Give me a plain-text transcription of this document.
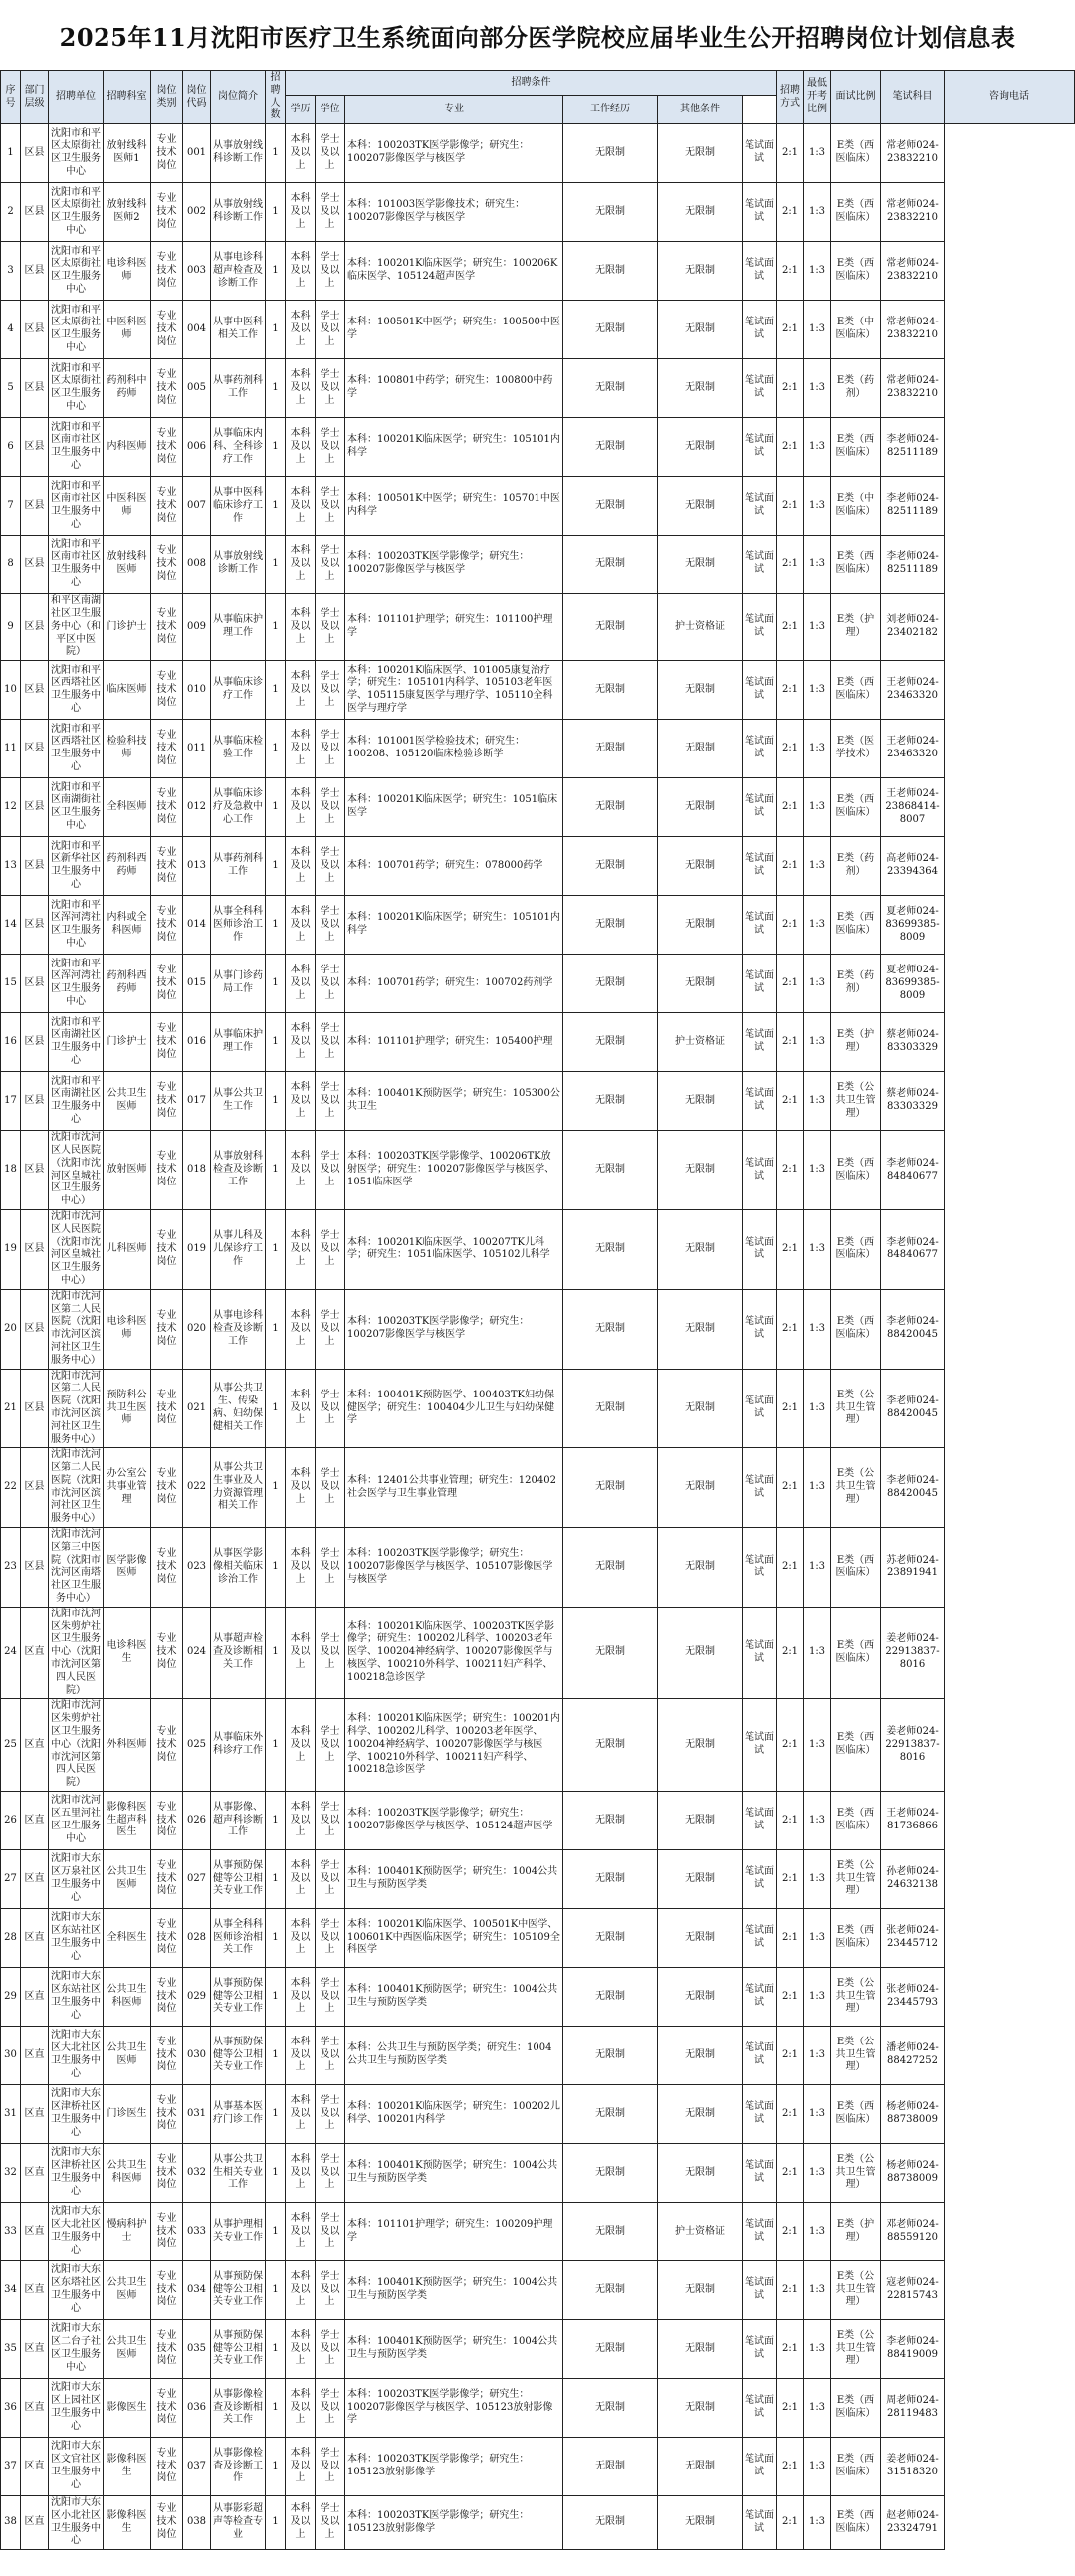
2025年11月沈阳市医疗卫生系统面向部分医学院校应届毕业生公开招聘岗位计划信息表
序号	部门层级	招聘单位	招聘科室	岗位类别	岗位代码	岗位简介	招聘人数	招聘条件						招聘方式	最低开考比例	面试比例	笔试科目	咨询电话
								学历	学位	专业	工作经历	其他条件					
1	区县	沈阳市和平区太原街社区卫生服务中心	放射线科医师1	专业技术岗位	001	从事放射线科诊断工作	1	本科及以上	学士及以上	本科：100203TK医学影像学；研究生：100207影像医学与核医学	无限制	无限制	笔试面试	2:1	1:3	E类（西医临床）	常老师024-23832210	
2	区县	沈阳市和平区太原街社区卫生服务中心	放射线科医师2	专业技术岗位	002	从事放射线科诊断工作	1	本科及以上	学士及以上	本科：101003医学影像技术；研究生：100207影像医学与核医学	无限制	无限制	笔试面试	2:1	1:3	E类（西医临床）	常老师024-23832210	
3	区县	沈阳市和平区太原街社区卫生服务中心	电诊科医师	专业技术岗位	003	从事电诊科超声检查及诊断工作	1	本科及以上	学士及以上	本科：100201K临床医学；研究生：100206K临床医学、105124超声医学	无限制	无限制	笔试面试	2:1	1:3	E类（西医临床）	常老师024-23832210	
4	区县	沈阳市和平区太原街社区卫生服务中心	中医科医师	专业技术岗位	004	从事中医科相关工作	1	本科及以上	学士及以上	本科：100501K中医学；研究生：100500中医学	无限制	无限制	笔试面试	2:1	1:3	E类（中医临床）	常老师024-23832210	
5	区县	沈阳市和平区太原街社区卫生服务中心	药剂科中药师	专业技术岗位	005	从事药剂科工作	1	本科及以上	学士及以上	本科：100801中药学；研究生：100800中药学	无限制	无限制	笔试面试	2:1	1:3	E类（药剂）	常老师024-23832210	
6	区县	沈阳市和平区南市社区卫生服务中心	内科医师	专业技术岗位	006	从事临床内科、全科诊疗工作	1	本科及以上	学士及以上	本科：100201K临床医学；研究生：105101内科学	无限制	无限制	笔试面试	2:1	1:3	E类（西医临床）	李老师024-82511189	
7	区县	沈阳市和平区南市社区卫生服务中心	中医科医师	专业技术岗位	007	从事中医科临床诊疗工作	1	本科及以上	学士及以上	本科：100501K中医学；研究生：105701中医内科学	无限制	无限制	笔试面试	2:1	1:3	E类（中医临床）	李老师024-82511189	
8	区县	沈阳市和平区南市社区卫生服务中心	放射线科医师	专业技术岗位	008	从事放射线诊断工作	1	本科及以上	学士及以上	本科：100203TK医学影像学；研究生：100207影像医学与核医学	无限制	无限制	笔试面试	2:1	1:3	E类（西医临床）	李老师024-82511189	
9	区县	和平区南湖社区卫生服务中心（和平区中医院）	门诊护士	专业技术岗位	009	从事临床护理工作	1	本科及以上	学士及以上	本科：101101护理学；研究生：101100护理学	无限制	护士资格证	笔试面试	2:1	1:3	E类（护理）	刘老师024-23402182	
10	区县	沈阳市和平区西塔社区卫生服务中心	临床医师	专业技术岗位	010	从事临床诊疗工作	1	本科及以上	学士及以上	本科：100201K临床医学、101005康复治疗学；研究生：105101内科学、105103老年医学、105115康复医学与理疗学、105110全科医学与理疗学	无限制	无限制	笔试面试	2:1	1:3	E类（西医临床）	王老师024-23463320	
11	区县	沈阳市和平区西塔社区卫生服务中心	检验科技师	专业技术岗位	011	从事临床检验工作	1	本科及以上	学士及以上	本科：101001医学检验技术；研究生：100208、105120临床检验诊断学	无限制	无限制	笔试面试	2:1	1:3	E类（医学技术）	王老师024-23463320	
12	区县	沈阳市和平区南湖街社区卫生服务中心	全科医师	专业技术岗位	012	从事临床诊疗及急救中心工作	1	本科及以上	学士及以上	本科：100201K临床医学；研究生：1051临床医学	无限制	无限制	笔试面试	2:1	1:3	E类（西医临床）	王老师024-23868414-8007	
13	区县	沈阳市和平区新华社区卫生服务中心	药剂科西药师	专业技术岗位	013	从事药剂科工作	1	本科及以上	学士及以上	本科：100701药学；研究生：078000药学	无限制	无限制	笔试面试	2:1	1:3	E类（药剂）	高老师024-23394364	
14	区县	沈阳市和平区浑河湾社区卫生服务中心	内科或全科医师	专业技术岗位	014	从事全科科医师诊治工作	1	本科及以上	学士及以上	本科：100201K临床医学；研究生：105101内科学	无限制	无限制	笔试面试	2:1	1:3	E类（西医临床）	夏老师024-83699385-8009	
15	区县	沈阳市和平区浑河湾社区卫生服务中心	药剂科西药师	专业技术岗位	015	从事门诊药局工作	1	本科及以上	学士及以上	本科：100701药学；研究生：100702药剂学	无限制	无限制	笔试面试	2:1	1:3	E类（药剂）	夏老师024-83699385-8009	
16	区县	沈阳市和平区南湖社区卫生服务中心	门诊护士	专业技术岗位	016	从事临床护理工作	1	本科及以上	学士及以上	本科：101101护理学；研究生：105400护理	无限制	护士资格证	笔试面试	2:1	1:3	E类（护理）	蔡老师024-83303329	
17	区县	沈阳市和平区南湖社区卫生服务中心	公共卫生医师	专业技术岗位	017	从事公共卫生工作	1	本科及以上	学士及以上	本科：100401K预防医学；研究生：105300公共卫生	无限制	无限制	笔试面试	2:1	1:3	E类（公共卫生管理）	蔡老师024-83303329	
18	区县	沈阳市沈河区人民医院（沈阳市沈河区皇城社区卫生服务中心）	放射医师	专业技术岗位	018	从事放射科检查及诊断工作	1	本科及以上	学士及以上	本科：100203TK医学影像学、100206TK放射医学；研究生：100207影像医学与核医学、1051临床医学	无限制	无限制	笔试面试	2:1	1:3	E类（西医临床）	李老师024-84840677	
19	区县	沈阳市沈河区人民医院（沈阳市沈河区皇城社区卫生服务中心）	儿科医师	专业技术岗位	019	从事儿科及儿保诊疗工作	1	本科及以上	学士及以上	本科：100201K临床医学、100207TK儿科学；研究生：1051临床医学、105102儿科学	无限制	无限制	笔试面试	2:1	1:3	E类（西医临床）	李老师024-84840677	
20	区县	沈阳市沈河区第二人民医院（沈阳市沈河区滨河社区卫生服务中心）	电诊科医师	专业技术岗位	020	从事电诊科检查及诊断工作	1	本科及以上	学士及以上	本科：100203TK医学影像学；研究生：100207影像医学与核医学	无限制	无限制	笔试面试	2:1	1:3	E类（西医临床）	李老师024-88420045	
21	区县	沈阳市沈河区第二人民医院（沈阳市沈河区滨河社区卫生服务中心）	预防科公共卫生医师	专业技术岗位	021	从事公共卫生、传染病、妇幼保健相关工作	1	本科及以上	学士及以上	本科：100401K预防医学、100403TK妇幼保健医学；研究生：100404少儿卫生与妇幼保健学	无限制	无限制	笔试面试	2:1	1:3	E类（公共卫生管理）	李老师024-88420045	
22	区县	沈阳市沈河区第二人民医院（沈阳市沈河区滨河社区卫生服务中心）	办公室公共事业管理	专业技术岗位	022	从事公共卫生事业及人力资源管理相关工作	1	本科及以上	学士及以上	本科：12401公共事业管理；研究生：120402社会医学与卫生事业管理	无限制	无限制	笔试面试	2:1	1:3	E类（公共卫生管理）	李老师024-88420045	
23	区县	沈阳市沈河区第三中医院（沈阳市沈河区南塔社区卫生服务中心）	医学影像医师	专业技术岗位	023	从事医学影像相关临床诊治工作	1	本科及以上	学士及以上	本科：100203TK医学影像学；研究生：100207影像医学与核医学、105107影像医学与核医学	无限制	无限制	笔试面试	2:1	1:3	E类（西医临床）	苏老师024-23891941	
24	区直	沈阳市沈河区朱剪炉社区卫生服务中心（沈阳市沈河区第四人民医院）	电诊科医生	专业技术岗位	024	从事超声检查及诊断相关工作	1	本科及以上	学士及以上	本科：100201K临床医学、100203TK医学影像学；研究生：100202儿科学、100203老年医学、100204神经病学、100207影像医学与核医学、100210外科学、100211妇产科学、100218急诊医学	无限制	无限制	笔试面试	2:1	1:3	E类（西医临床）	姜老师024-22913837-8016	
25	区直	沈阳市沈河区朱剪炉社区卫生服务中心（沈阳市沈河区第四人民医院）	外科医师	专业技术岗位	025	从事临床外科诊疗工作	1	本科及以上	学士及以上	本科：100201K临床医学；研究生：100201内科学、100202儿科学、100203老年医学、100204神经病学、100207影像医学与核医学、100210外科学、100211妇产科学、100218急诊医学	无限制	无限制	笔试面试	2:1	1:3	E类（西医临床）	姜老师024-22913837-8016	
26	区直	沈阳市沈河区五里河社区卫生服务中心	影像科医生超声科医生	专业技术岗位	026	从事影像、超声科诊断工作	1	本科及以上	学士及以上	本科：100203TK医学影像学；研究生：100207影像医学与核医学、105124超声医学	无限制	无限制	笔试面试	2:1	1:3	E类（西医临床）	王老师024-81736866	
27	区直	沈阳市大东区万泉社区卫生服务中心	公共卫生医师	专业技术岗位	027	从事预防保健等公卫相关专业工作	1	本科及以上	学士及以上	本科：100401K预防医学；研究生：1004公共卫生与预防医学类	无限制	无限制	笔试面试	2:1	1:3	E类（公共卫生管理）	孙老师024-24632138	
28	区直	沈阳市大东区东站社区卫生服务中心	全科医生	专业技术岗位	028	从事全科科医师诊治相关工作	1	本科及以上	学士及以上	本科：100201K临床医学、100501K中医学、100601K中西医临床医学；研究生：105109全科医学	无限制	无限制	笔试面试	2:1	1:3	E类（西医临床）	张老师024-23445712	
29	区直	沈阳市大东区东站社区卫生服务中心	公共卫生科医师	专业技术岗位	029	从事预防保健等公卫相关专业工作	1	本科及以上	学士及以上	本科：100401K预防医学；研究生：1004公共卫生与预防医学类	无限制	无限制	笔试面试	2:1	1:3	E类（公共卫生管理）	张老师024-23445793	
30	区直	沈阳市大东区大北社区卫生服务中心	公共卫生医师	专业技术岗位	030	从事预防保健等公卫相关专业工作	1	本科及以上	学士及以上	本科：公共卫生与预防医学类；研究生：1004公共卫生与预防医学类	无限制	无限制	笔试面试	2:1	1:3	E类（公共卫生管理）	潘老师024-88427252	
31	区直	沈阳市大东区津桥社区卫生服务中心	门诊医生	专业技术岗位	031	从事基本医疗门诊工作	1	本科及以上	学士及以上	本科：100201K临床医学；研究生：100202儿科学、100201内科学	无限制	无限制	笔试面试	2:1	1:3	E类（西医临床）	杨老师024-88738009	
32	区直	沈阳市大东区津桥社区卫生服务中心	公共卫生科医师	专业技术岗位	032	从事公共卫生相关专业工作	1	本科及以上	学士及以上	本科：100401K预防医学；研究生：1004公共卫生与预防医学类	无限制	无限制	笔试面试	2:1	1:3	E类（公共卫生管理）	杨老师024-88738009	
33	区直	沈阳市大东区大北社区卫生服务中心	慢病科护士	专业技术岗位	033	从事护理相关专业工作	1	本科及以上	学士及以上	本科：101101护理学；研究生：100209护理学	无限制	护士资格证	笔试面试	2:1	1:3	E类（护理）	邓老师024-88559120	
34	区直	沈阳市大东区东塔社区卫生服务中心	公共卫生医师	专业技术岗位	034	从事预防保健等公卫相关专业工作	1	本科及以上	学士及以上	本科：100401K预防医学；研究生：1004公共卫生与预防医学类	无限制	无限制	笔试面试	2:1	1:3	E类（公共卫生管理）	寇老师024-22815743	
35	区直	沈阳市大东区二台子社区卫生服务中心	公共卫生医师	专业技术岗位	035	从事预防保健等公卫相关专业工作	1	本科及以上	学士及以上	本科：100401K预防医学；研究生：1004公共卫生与预防医学类	无限制	无限制	笔试面试	2:1	1:3	E类（公共卫生管理）	李老师024-88419009	
36	区直	沈阳市大东区上园社区卫生服务中心	影像医生	专业技术岗位	036	从事影像检查及诊断相关工作	1	本科及以上	学士及以上	本科：100203TK医学影像学；研究生：100207影像医学与核医学、105123放射影像学	无限制	无限制	笔试面试	2:1	1:3	E类（西医临床）	周老师024-28119483	
37	区直	沈阳市大东区文官社区卫生服务中心	影像科医生	专业技术岗位	037	从事影像检查及诊断工作	1	本科及以上	学士及以上	本科：100203TK医学影像学；研究生：105123放射影像学	无限制	无限制	笔试面试	2:1	1:3	E类（西医临床）	姜老师024-31518320	
38	区直	沈阳市大东区小北社区卫生服务中心	影像科医生	专业技术岗位	038	从事影彩超声等检查专业	1	本科及以上	学士及以上	本科：100203TK医学影像学；研究生：105123放射影像学	无限制	无限制	笔试面试	2:1	1:3	E类（西医临床）	赵老师024-23324791	
